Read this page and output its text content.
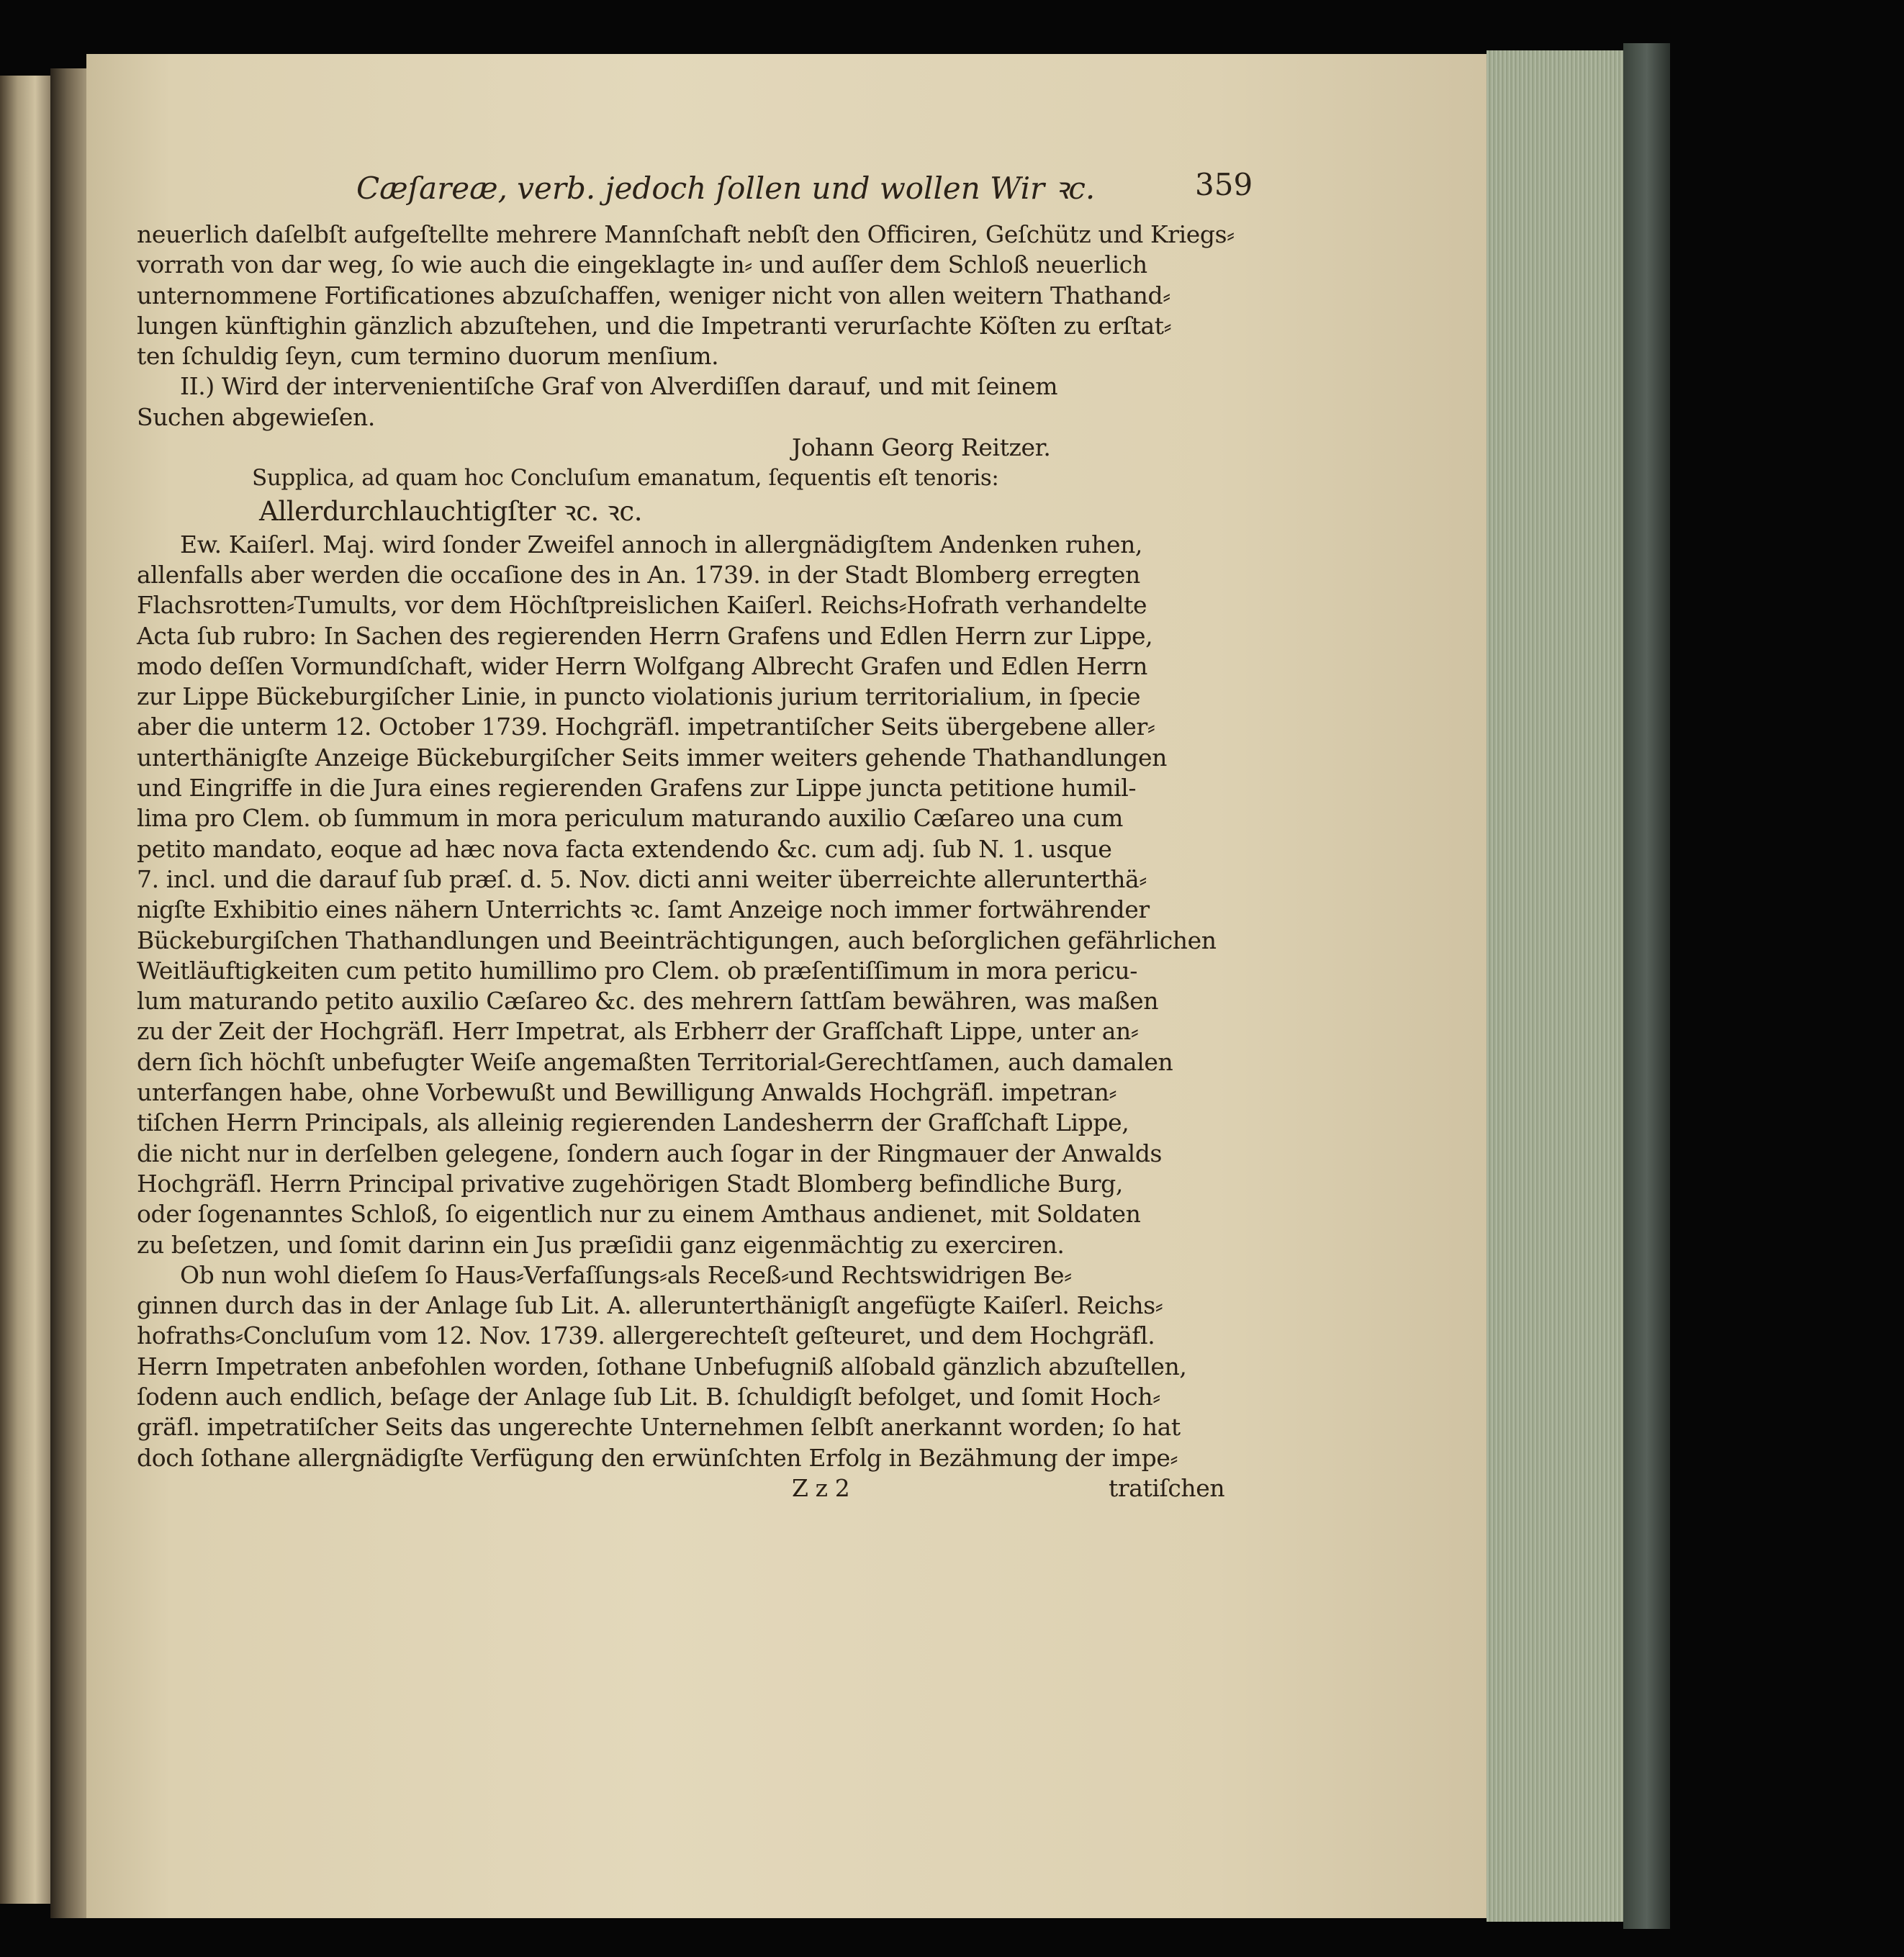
Cæſareæ, verb. jedoch ſollen und wollen Wir ꝛc.	359
neuerlich daſelbſt aufgeſtellte mehrere Mannſchaft nebſt den Officiren, Geſchütz und Kriegs⸗
vorrath von dar weg, ſo wie auch die eingeklagte in⸗ und auſſer dem Schloß neuerlich
unternommene Fortificationes abzuſchaffen, weniger nicht von allen weitern Thathand⸗
lungen künftighin gänzlich abzuſtehen, und die Impetranti verurſachte Köſten zu erſtat⸗
ten ſchuldig ſeyn, cum termino duorum menſium.
II.) Wird der intervenientiſche Graf von Alverdiſſen darauf, und mit ſeinem
Suchen abgewieſen.
Johann Georg Reitzer.
Supplica, ad quam hoc Concluſum emanatum, ſequentis eſt tenoris:
Allerdurchlauchtigſter ꝛc. ꝛc.
Ew. Kaiſerl. Maj. wird ſonder Zweifel annoch in allergnädigſtem Andenken ruhen,
allenfalls aber werden die occaſione des in An. 1739. in der Stadt Blomberg erregten
Flachsrotten⸗Tumults, vor dem Höchſtpreislichen Kaiſerl. Reichs⸗Hofrath verhandelte
Acta ſub rubro: In Sachen des regierenden Herrn Grafens und Edlen Herrn zur Lippe,
modo deſſen Vormundſchaft, wider Herrn Wolfgang Albrecht Grafen und Edlen Herrn
zur Lippe Bückeburgiſcher Linie, in puncto violationis jurium territorialium, in ſpecie
aber die unterm 12. October 1739. Hochgräfl. impetrantiſcher Seits übergebene aller⸗
unterthänigſte Anzeige Bückeburgiſcher Seits immer weiters gehende Thathandlungen
und Eingriffe in die Jura eines regierenden Grafens zur Lippe juncta petitione humil-
lima pro Clem. ob ſummum in mora periculum maturando auxilio Cæſareo una cum
petito mandato, eoque ad hæc nova facta extendendo &c. cum adj. ſub N. 1. usque
7. incl. und die darauf ſub præſ. d. 5. Nov. dicti anni weiter überreichte allerunterthä⸗
nigſte Exhibitio eines nähern Unterrichts ꝛc. ſamt Anzeige noch immer fortwährender
Bückeburgiſchen Thathandlungen und Beeinträchtigungen, auch beſorglichen gefährlichen
Weitläuftigkeiten cum petito humillimo pro Clem. ob præſentiſſimum in mora pericu-
lum maturando petito auxilio Cæſareo &c. des mehrern ſattſam bewähren, was maßen
zu der Zeit der Hochgräfl. Herr Impetrat, als Erbherr der Grafſchaft Lippe, unter an⸗
dern ſich höchſt unbefugter Weiſe angemaßten Territorial⸗Gerechtſamen, auch damalen
unterfangen habe, ohne Vorbewußt und Bewilligung Anwalds Hochgräfl. impetran⸗
tiſchen Herrn Principals, als alleinig regierenden Landesherrn der Grafſchaft Lippe,
die nicht nur in derſelben gelegene, ſondern auch ſogar in der Ringmauer der Anwalds
Hochgräfl. Herrn Principal privative zugehörigen Stadt Blomberg befindliche Burg,
oder ſogenanntes Schloß, ſo eigentlich nur zu einem Amthaus andienet, mit Soldaten
zu beſetzen, und ſomit darinn ein Jus præſidii ganz eigenmächtig zu exerciren.
Ob nun wohl dieſem ſo Haus⸗Verfaſſungs⸗als Receß⸗und Rechtswidrigen Be⸗
ginnen durch das in der Anlage ſub Lit. A. allerunterthänigſt angefügte Kaiſerl. Reichs⸗
hofraths⸗Concluſum vom 12. Nov. 1739. allergerechteſt geſteuret, und dem Hochgräfl.
Herrn Impetraten anbefohlen worden, ſothane Unbefugniß alſobald gänzlich abzuſtellen,
ſodenn auch endlich, beſage der Anlage ſub Lit. B. ſchuldigſt befolget, und ſomit Hoch⸗
gräfl. impetratiſcher Seits das ungerechte Unternehmen ſelbſt anerkannt worden; ſo hat
doch ſothane allergnädigſte Verfügung den erwünſchten Erfolg in Bezähmung der impe⸗
Z z 2	tratiſchen
